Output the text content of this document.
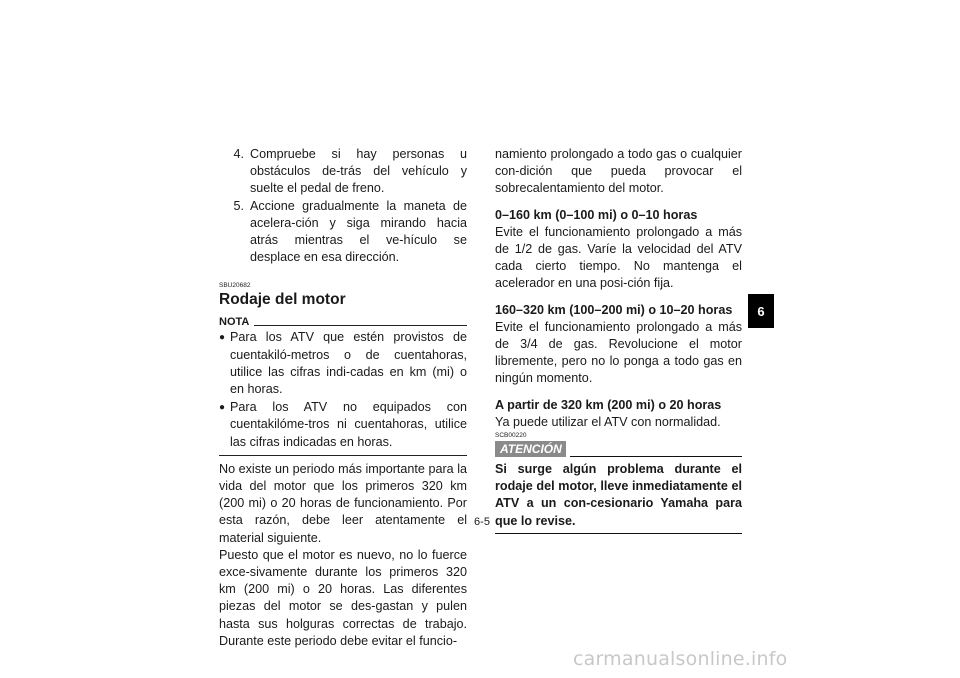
4. Compruebe si hay personas u obstáculos de-trás del vehículo y suelte el pedal de freno.
5. Accione gradualmente la maneta de acelera-ción y siga mirando hacia atrás mientras el ve-hículo se desplace en esa dirección.
SBU20682
Rodaje del motor
NOTA
● Para los ATV que estén provistos de cuentakiló-metros o de cuentahoras, utilice las cifras indi-cadas en km (mi) o en horas.
● Para los ATV no equipados con cuentakilóme-tros ni cuentahoras, utilice las cifras indicadas en horas.
No existe un periodo más importante para la vida del motor que los primeros 320 km (200 mi) o 20 horas de funcionamiento. Por esta razón, debe leer atentamente el material siguiente.
Puesto que el motor es nuevo, no lo fuerce exce-sivamente durante los primeros 320 km (200 mi) o 20 horas. Las diferentes piezas del motor se des-gastan y pulen hasta sus holguras correctas de trabajo. Durante este periodo debe evitar el funcio-
namiento prolongado a todo gas o cualquier con-dición que pueda provocar el sobrecalentamiento del motor.
0–160 km (0–100 mi) o 0–10 horas
Evite el funcionamiento prolongado a más de 1/2 de gas. Varíe la velocidad del ATV cada cierto tiempo. No mantenga el acelerador en una posi-ción fija.
160–320 km (100–200 mi) o 10–20 horas
Evite el funcionamiento prolongado a más de 3/4 de gas. Revolucione el motor libremente, pero no lo ponga a todo gas en ningún momento.
A partir de 320 km (200 mi) o 20 horas
Ya puede utilizar el ATV con normalidad.
SCB00220
ATENCIÓN
Si surge algún problema durante el rodaje del motor, lleve inmediatamente el ATV a un con-cesionario Yamaha para que lo revise.
6
6-5
carmanualsonline.info
